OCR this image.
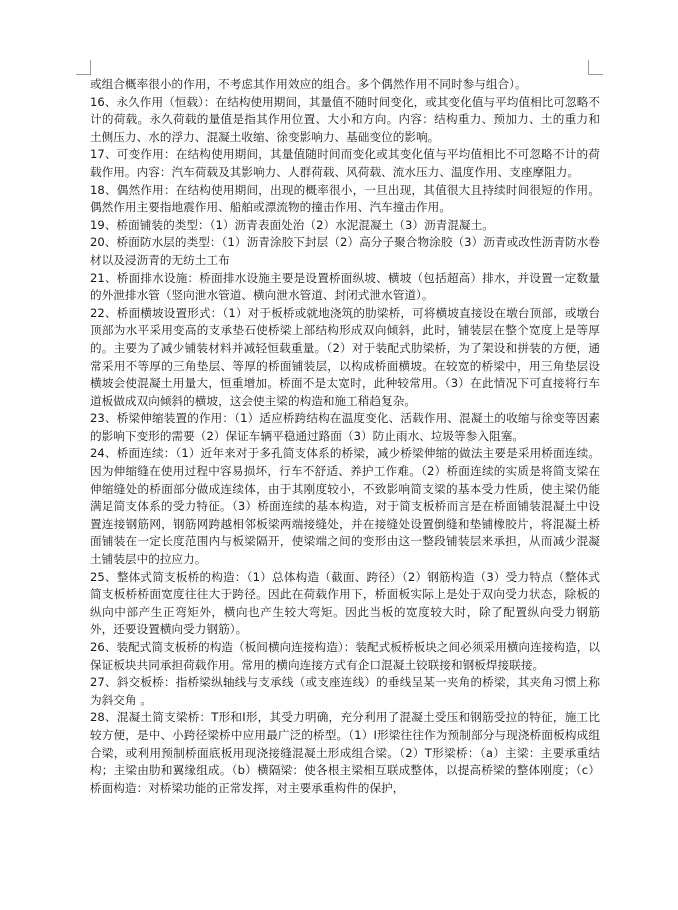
或组合概率很小的作用，不考虑其作用效应的组合。多个偶然作用不同时参与组合）。

16、永久作用（恒载）：在结构使用期间，其量值不随时间变化，或其变化值与平均值相比可忽略不计的荷载。永久荷载的量值是指其作用位置、大小和方向。内容：结构重力、预加力、土的重力和土侧压力、水的浮力、混凝土收缩、徐变影响力、基础变位的影响。

17、可变作用：在结构使用期间，其量值随时间而变化或其变化值与平均值相比不可忽略不计的荷载作用。内容：汽车荷载及其影响力、人群荷载、风荷载、流水压力、温度作用、支座摩阻力。

18、偶然作用：在结构使用期间，出现的概率很小，一旦出现，其值很大且持续时间很短的作用。偶然作用主要指地震作用、船舶或漂流物的撞击作用、汽车撞击作用。

19、桥面铺装的类型：（1）沥青表面处治（2）水泥混凝土（3）沥青混凝土。

20、桥面防水层的类型：（1）沥青涂胶下封层（2）高分子聚合物涂胶（3）沥青或改性沥青防水卷材以及浸沥青的无纺土工布

21、桥面排水设施：桥面排水设施主要是设置桥面纵坡、横坡（包括超高）排水，并设置一定数量的外泄排水管（竖向泄水管道、横向泄水管道、封闭式泄水管道）。

22、桥面横坡设置形式：（1）对于板桥或就地浇筑的肋梁桥，可将横坡直接设在墩台顶部，或墩台顶部为水平采用变高的支承垫石使桥梁上部结构形成双向倾斜，此时，铺装层在整个宽度上是等厚的。主要为了减少铺装材料并减轻恒载重量。（2）对于装配式肋梁桥，为了架设和拼装的方便，通常采用不等厚的三角垫层、等厚的桥面铺装层，以构成桥面横坡。在较宽的桥梁中，用三角垫层设横坡会使混凝土用量大，恒重增加。桥面不是太宽时，此种较常用。（3）在此情况下可直接将行车道板做成双向倾斜的横坡，这会使主梁的构造和施工稍趋复杂。

23、桥梁伸缩装置的作用：（1）适应桥跨结构在温度变化、活载作用、混凝土的收缩与徐变等因素的影响下变形的需要（2）保证车辆平稳通过路面（3）防止雨水、垃圾等参入阻塞。

24、桥面连续：（1）近年来对于多孔简支体系的桥梁，减少桥梁伸缩的做法主要是采用桥面连续。因为伸缩缝在使用过程中容易损坏，行车不舒适、养护工作难。（2）桥面连续的实质是将简支梁在伸缩缝处的桥面部分做成连续体，由于其刚度较小，不致影响简支梁的基本受力性质，使主梁仍能满足简支体系的受力特征。（3）桥面连续的基本构造，对于简支板桥而言是在桥面铺装混凝土中设置连接钢筋网，钢筋网跨越相邻板梁两端接缝处，并在接缝处设置倒缝和垫铺橡胶片，将混凝土桥面铺装在一定长度范围内与板梁隔开，使梁端之间的变形由这一整段铺装层来承担，从而减少混凝土铺装层中的拉应力。

25、整体式简支板桥的构造：（1）总体构造（截面、跨径）（2）钢筋构造（3）受力特点（整体式简支板桥桥面宽度往往大于跨径。因此在荷载作用下，桥面板实际上是处于双向受力状态，除板的纵向中部产生正弯矩外，横向也产生较大弯矩。因此当板的宽度较大时，除了配置纵向受力钢筋外，还要设置横向受力钢筋）。

26、装配式简支板桥的构造（板间横向连接构造）：装配式板桥板块之间必须采用横向连接构造，以保证板块共同承担荷载作用。常用的横向连接方式有企口混凝土铰联接和钢板焊接联接。

27、斜交板桥：指桥梁纵轴线与支承线（或支座连线）的垂线呈某一夹角的桥梁，其夹角习惯上称为斜交角 。

28、混凝土简支梁桥：T形和I形，其受力明确，充分利用了混凝土受压和钢筋受拉的特征，施工比较方便，是中、小跨径梁桥中应用最广泛的桥型。（1）I形梁往往作为预制部分与现浇桥面板构成组合梁，或利用预制桥面底板用现浇接缝混凝土形成组合梁。（2）T形梁桥：（a）主梁：主要承重结构；主梁由肋和翼缘组成。（b）横隔梁：使各根主梁相互联成整体，以提高桥梁的整体刚度；（c）桥面构造：对桥梁功能的正常发挥，对主要承重构件的保护，
